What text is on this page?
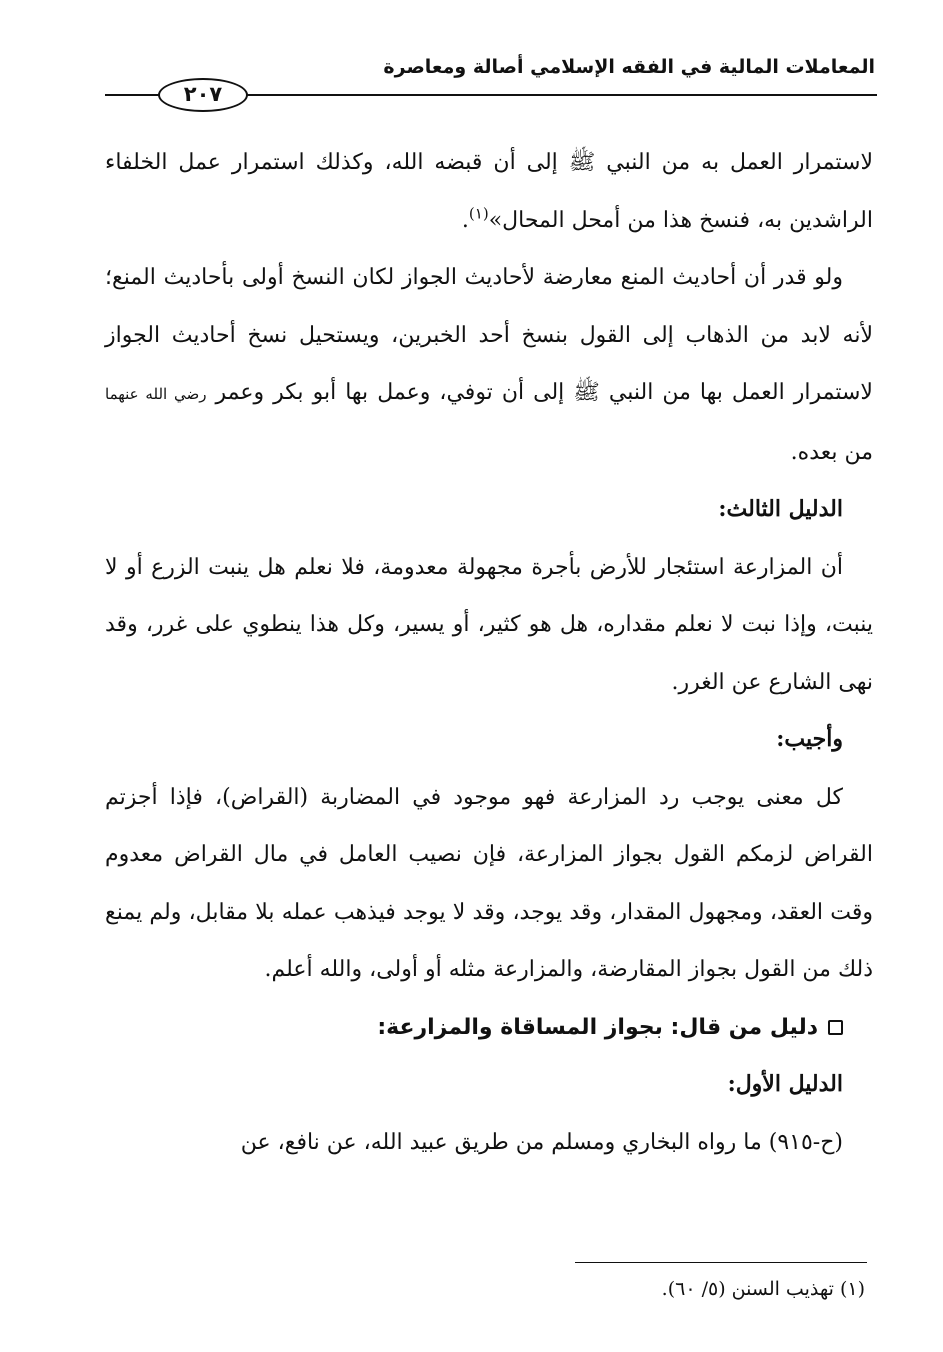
المعاملات المالية في الفقه الإسلامي أصالة ومعاصرة
٢٠٧

لاستمرار العمل به من النبي ﷺ إلى أن قبضه الله، وكذلك استمرار عمل الخلفاء الراشدين به، فنسخ هذا من أمحل المحال»$^{(١)}$.

ولو قدر أن أحاديث المنع معارضة لأحاديث الجواز لكان النسخ أولى بأحاديث المنع؛ لأنه لابد من الذهاب إلى القول بنسخ أحد الخبرين، ويستحيل نسخ أحاديث الجواز لاستمرار العمل بها من النبي ﷺ إلى أن توفي، وعمل بها أبو بكر وعمر رضي الله عنهما من بعده.

الدليل الثالث:

أن المزارعة استئجار للأرض بأجرة مجهولة معدومة، فلا نعلم هل ينبت الزرع أو لا ينبت، وإذا نبت لا نعلم مقداره، هل هو كثير، أو يسير، وكل هذا ينطوي على غرر، وقد نهى الشارع عن الغرر.

وأجيب:

كل معنى يوجب رد المزارعة فهو موجود في المضاربة (القراض)، فإذا أجزتم القراض لزمكم القول بجواز المزارعة، فإن نصيب العامل في مال القراض معدوم وقت العقد، ومجهول المقدار، وقد يوجد، وقد لا يوجد فيذهب عمله بلا مقابل، ولم يمنع ذلك من القول بجواز المقارضة، والمزارعة مثله أو أولى، والله أعلم.

دليل من قال: بجواز المساقاة والمزارعة:

الدليل الأول:

(ح-٩١٥) ما رواه البخاري ومسلم من طريق عبيد الله، عن نافع، عن

(١) تهذيب السنن (٥/ ٦٠).
